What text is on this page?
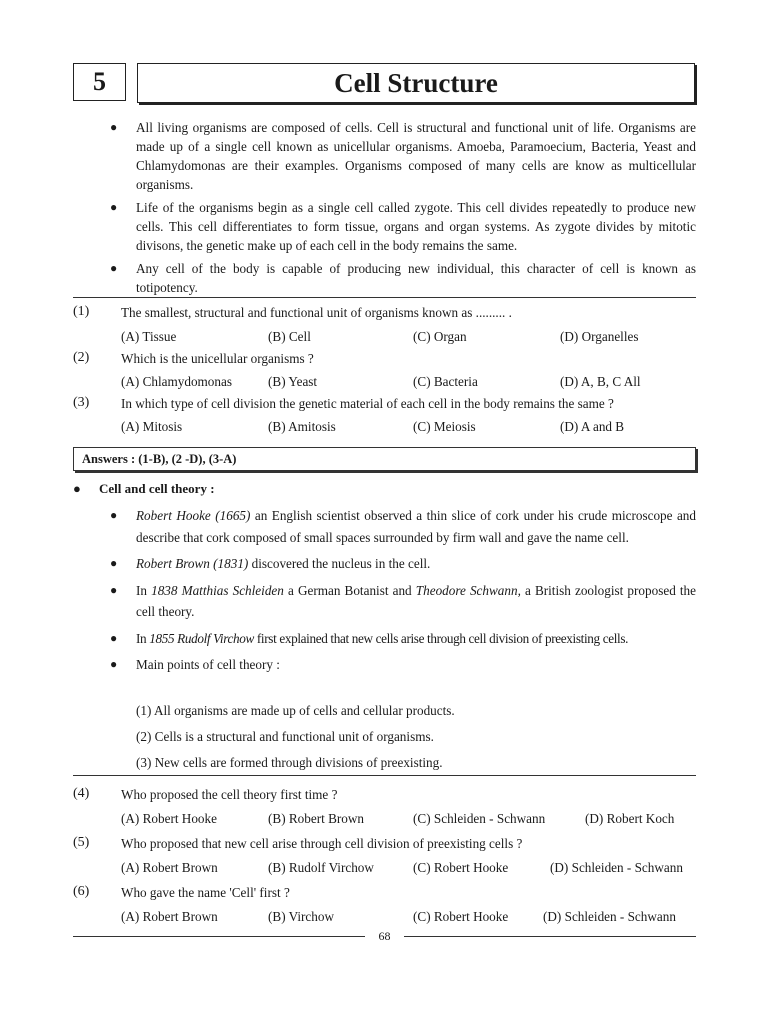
5	Cell Structure
● All living organisms are composed of cells. Cell is structural and functional unit of life. Organisms are made up of a single cell known as unicellular organisms. Amoeba, Paramoecium, Bacteria, Yeast and Chlamydomonas are their examples. Organisms composed of many cells are know as multicellular organisms.
● Life of the organisms begin as a single cell called zygote. This cell divides repeatedly to produce new cells. This cell differentiates to form tissue, organs and organ systems. As zygote divides by mitotic divisons, the genetic make up of each cell in the body remains the same.
● Any cell of the body is capable of producing new individual, this character of cell is known as totipotency.
(1) The smallest, structural and functional unit of organisms known as ......... .
(A) Tissue	(B) Cell	(C) Organ	(D) Organelles
(2) Which is the unicellular organisms ?
(A) Chlamydomonas	(B) Yeast	(C) Bacteria	(D) A, B, C All
(3) In which type of cell division the genetic material of each cell in the body remains the same ?
(A) Mitosis	(B) Amitosis	(C) Meiosis	(D) A and B
Answers : (1-B), (2 -D), (3-A)
● Cell and cell theory :
● Robert Hooke (1665) an English scientist observed a thin slice of cork under his crude microscope and describe that cork composed of small spaces surrounded by firm wall and gave the name cell.
● Robert Brown (1831) discovered the nucleus in the cell.
● In 1838 Matthias Schleiden a German Botanist and Theodore Schwann, a British zoologist proposed the cell theory.
● In 1855 Rudolf Virchow first explained that new cells arise through cell division of preexisting cells.
● Main points of cell theory :
(1) All organisms are made up of cells and cellular products.
(2) Cells is a structural and functional unit of organisms.
(3) New cells are formed through divisions of preexisting.
(4) Who proposed the cell theory first time ?
(A) Robert Hooke	(B) Robert Brown	(C) Schleiden - Schwann	(D) Robert Koch
(5) Who proposed that new cell arise through cell division of preexisting cells ?
(A) Robert Brown	(B) Rudolf Virchow	(C) Robert Hooke	(D) Schleiden - Schwann
(6) Who gave the name 'Cell' first ?
(A) Robert Brown	(B) Virchow	(C) Robert Hooke	(D) Schleiden - Schwann
68
